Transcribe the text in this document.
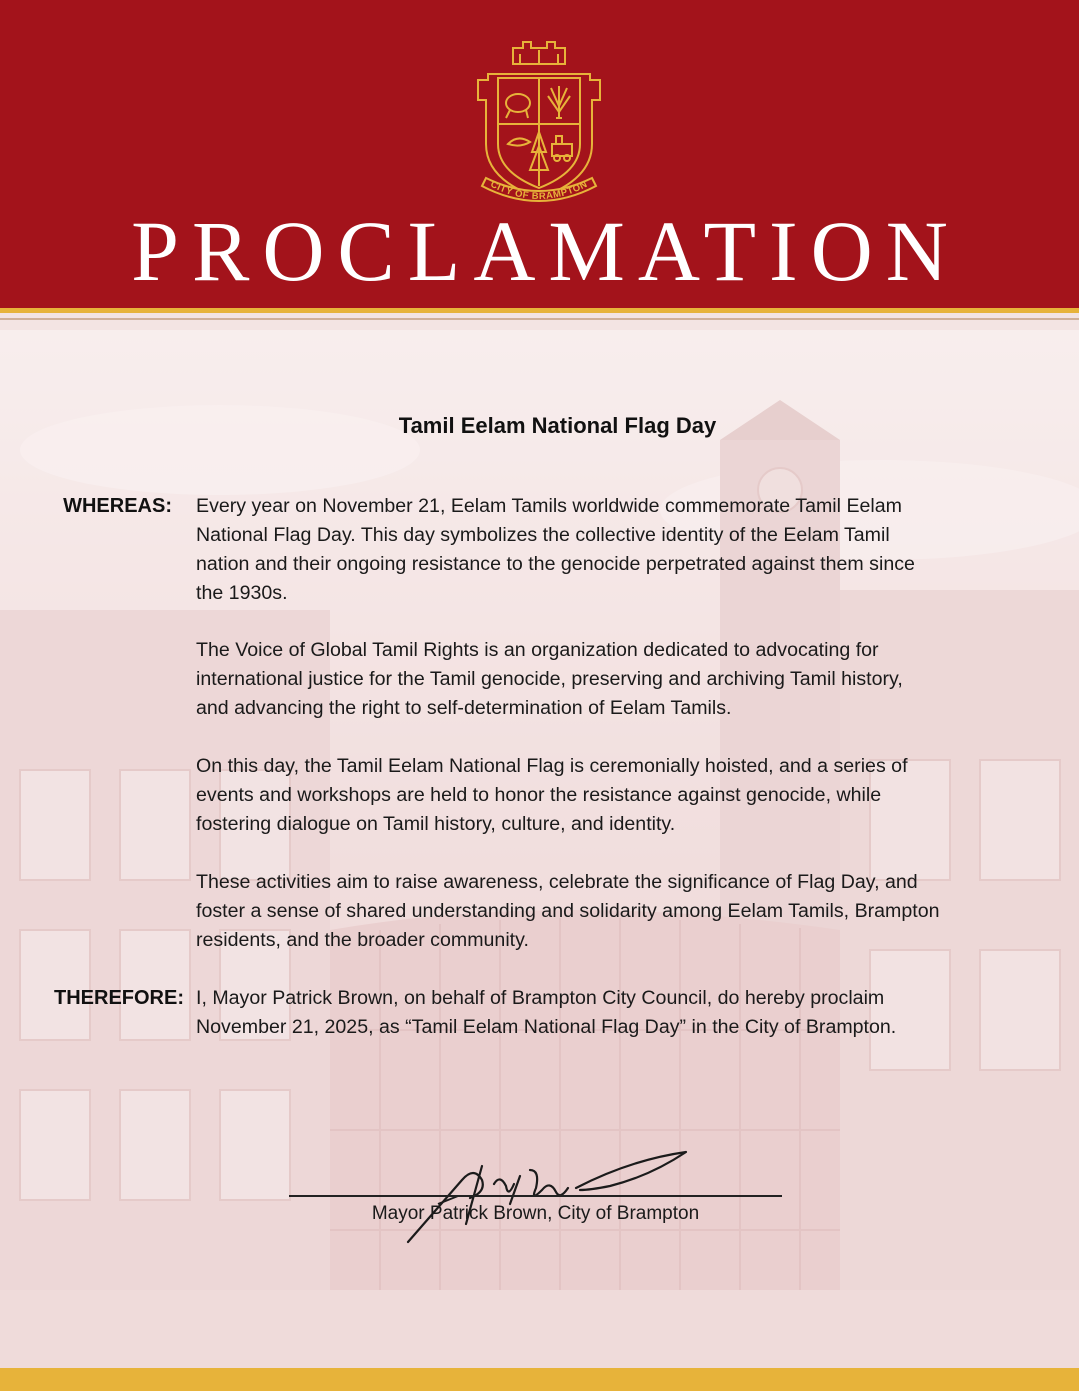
CITY OF BRAMPTON
PROCLAMATION
Tamil Eelam National Flag Day
WHEREAS: Every year on November 21, Eelam Tamils worldwide commemorate Tamil Eelam
National Flag Day. This day symbolizes the collective identity of the Eelam Tamil
nation and their ongoing resistance to the genocide perpetrated against them since
the 1930s.
The Voice of Global Tamil Rights is an organization dedicated to advocating for
international justice for the Tamil genocide, preserving and archiving Tamil history,
and advancing the right to self-determination of Eelam Tamils.
On this day, the Tamil Eelam National Flag is ceremonially hoisted, and a series of
events and workshops are held to honor the resistance against genocide, while
fostering dialogue on Tamil history, culture, and identity.
These activities aim to raise awareness, celebrate the significance of Flag Day, and
foster a sense of shared understanding and solidarity among Eelam Tamils, Brampton
residents, and the broader community.
THEREFORE: I, Mayor Patrick Brown, on behalf of Brampton City Council, do hereby proclaim
November 21, 2025, as “Tamil Eelam National Flag Day” in the City of Brampton.
Mayor Patrick Brown, City of Brampton
